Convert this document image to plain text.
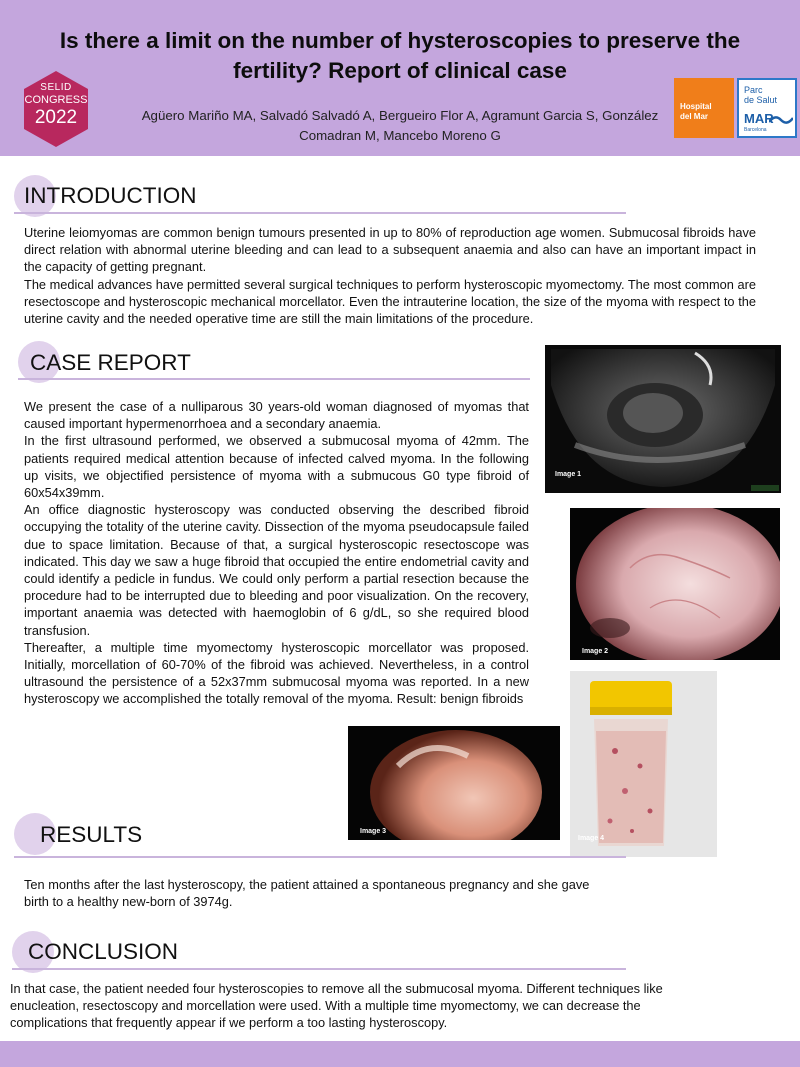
Is there a limit on the number of hysteroscopies to preserve the fertility? Report of clinical case
SELID
CONGRESS
2022	Agüero Mariño MA, Salvadó Salvadó A, Bergueiro Flor A, Agramunt Garcia S, González Comadran M, Mancebo Moreno G
Hospital
del Mar
Parc
de Salut
MAR
Barcelona
INTRODUCTION

Uterine leiomyomas are common benign tumours presented in up to 80% of reproduction age women. Submucosal fibroids have direct relation with abnormal uterine bleeding and can lead to a subsequent anaemia and also can have an important impact in the capacity of getting pregnant.

The medical advances have permitted several surgical techniques to perform hysteroscopic myomectomy. The most common are resectoscope and hysteroscopic mechanical morcellator. Even the intrauterine location, the size of the myoma with respect to the uterine cavity and the needed operative time are still the main limitations of the procedure.

CASE REPORT

We present the case of a nulliparous 30 years-old woman diagnosed of myomas that caused important hypermenorrhoea and a secondary anaemia.

In the first ultrasound performed, we observed a submucosal myoma of 42mm. The patients required medical attention because of infected calved myoma. In the following up visits, we objectified persistence of myoma with a submucous G0 type fibroid of 60x54x39mm.

An office diagnostic hysteroscopy was conducted observing the described fibroid occupying the totality of the uterine cavity. Dissection of the myoma pseudocapsule failed due to space limitation. Because of that, a surgical hysteroscopic resectoscope was indicated. This day we saw a huge fibroid that occupied the entire endometrial cavity and could identify a pedicle in fundus. We could only perform a partial resection because the procedure had to be interrupted due to bleeding and poor visualization. On the recovery, important anaemia was detected with haemoglobin of 6 g/dL, so she required blood transfusion.

Thereafter, a multiple time myomectomy hysteroscopic morcellator was proposed. Initially, morcellation of 60-70% of the fibroid was achieved. Nevertheless, in a control ultrasound the persistence of a 52x37mm submucosal myoma was reported. In a new hysteroscopy we accomplished the totally removal of the myoma. Result: benign fibroids

Image 1
Image 2
Image 4
Image 3
RESULTS

Ten months after the last hysteroscopy, the patient attained a spontaneous pregnancy and she gave birth to a healthy new-born of 3974g.

CONCLUSION

In that case, the patient needed four hysteroscopies to remove all the submucosal myoma. Different techniques like enucleation, resectoscopy and morcellation were used. With a multiple time myomectomy, we can decrease the complications that frequently appear if we perform a too lasting hysteroscopy.
